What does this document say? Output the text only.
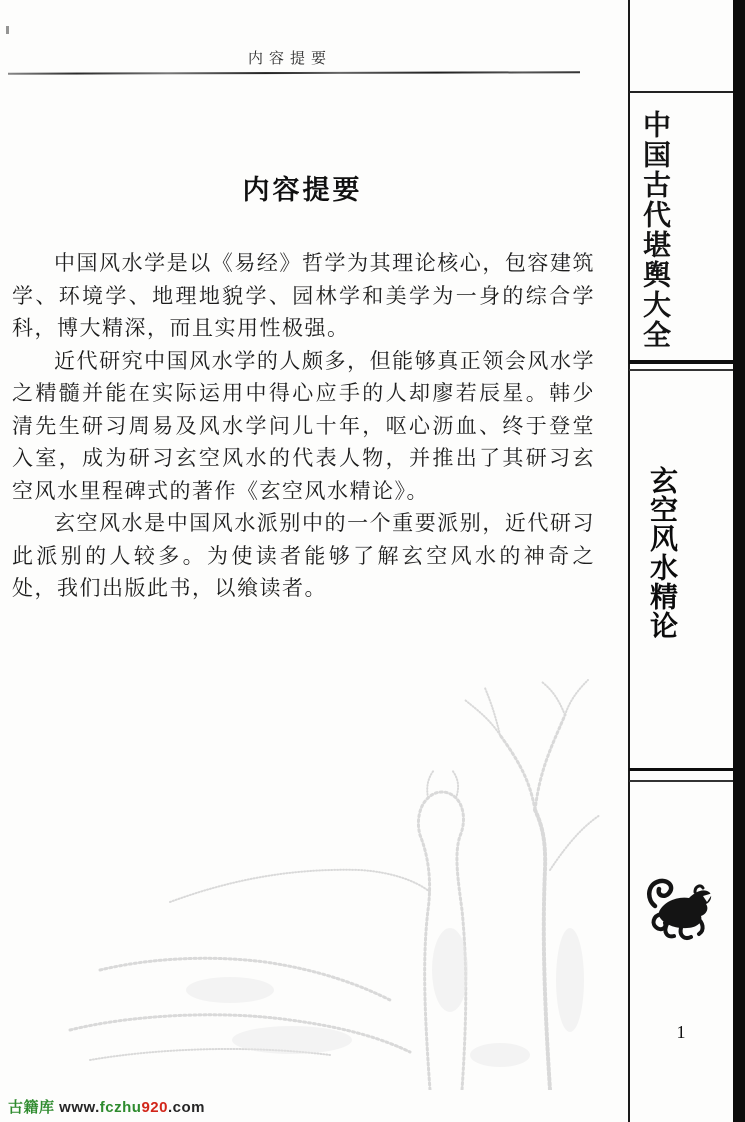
内容提要
内容提要

中国风水学是以《易经》哲学为其理论核心，包容建筑学、环境学、地理地貌学、园林学和美学为一身的综合学科，博大精深，而且实用性极强。

近代研究中国风水学的人颇多，但能够真正领会风水学之精髓并能在实际运用中得心应手的人却廖若辰星。韩少清先生研习周易及风水学问儿十年，呕心沥血、终于登堂入室，成为研习玄空风水的代表人物，并推出了其研习玄空风水里程碑式的著作《玄空风水精论》。

玄空风水是中国风水派别中的一个重要派别，近代研习此派别的人较多。为使读者能够了解玄空风水的神奇之处，我们出版此书，以飨读者。

中国古代堪舆大全
玄空风水精论
1
古籍库 www.fczhu920.com
